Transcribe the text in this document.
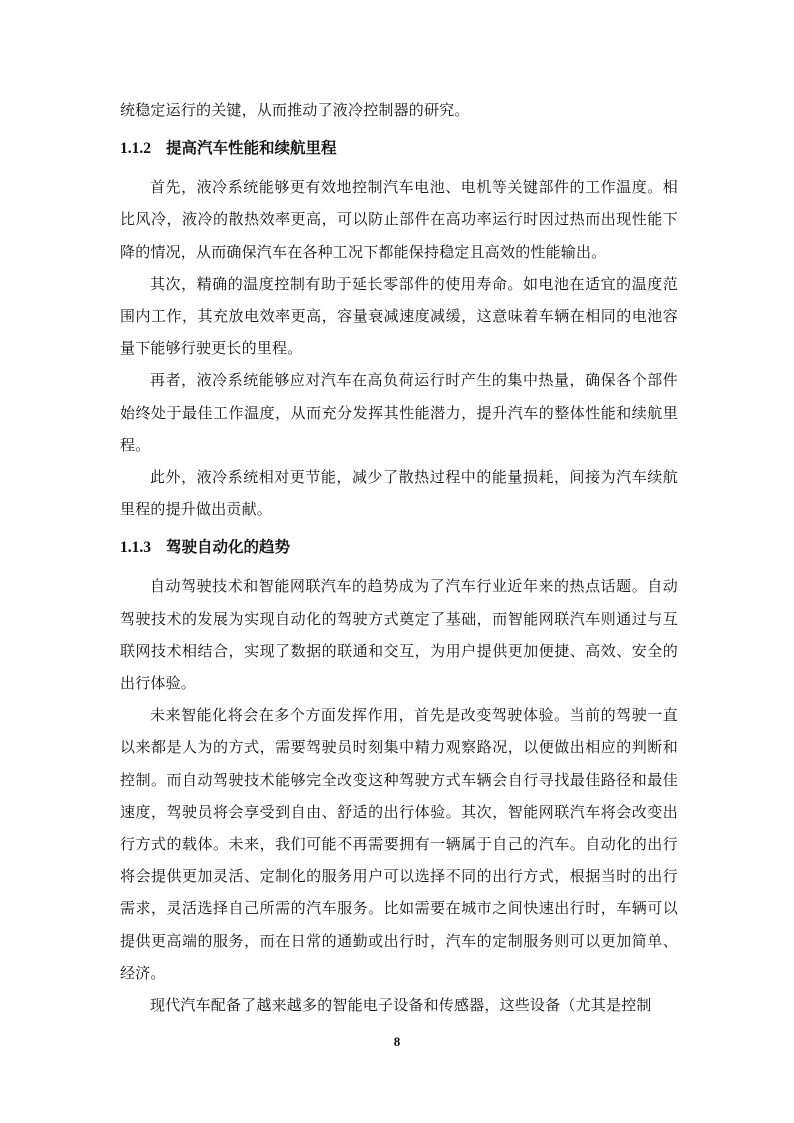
统稳定运行的关键，从而推动了液冷控制器的研究。

1.1.2 提高汽车性能和续航里程

首先，液冷系统能够更有效地控制汽车电池、电机等关键部件的工作温度。相比风冷，液冷的散热效率更高，可以防止部件在高功率运行时因过热而出现性能下降的情况，从而确保汽车在各种工况下都能保持稳定且高效的性能输出。

其次，精确的温度控制有助于延长零部件的使用寿命。如电池在适宜的温度范围内工作，其充放电效率更高，容量衰减速度减缓，这意味着车辆在相同的电池容量下能够行驶更长的里程。

再者，液冷系统能够应对汽车在高负荷运行时产生的集中热量，确保各个部件始终处于最佳工作温度，从而充分发挥其性能潜力，提升汽车的整体性能和续航里程。

此外，液冷系统相对更节能，减少了散热过程中的能量损耗，间接为汽车续航里程的提升做出贡献。

1.1.3 驾驶自动化的趋势

自动驾驶技术和智能网联汽车的趋势成为了汽车行业近年来的热点话题。自动驾驶技术的发展为实现自动化的驾驶方式奠定了基础，而智能网联汽车则通过与互联网技术相结合，实现了数据的联通和交互，为用户提供更加便捷、高效、安全的出行体验。

未来智能化将会在多个方面发挥作用，首先是改变驾驶体验。当前的驾驶一直以来都是人为的方式，需要驾驶员时刻集中精力观察路况，以便做出相应的判断和控制。而自动驾驶技术能够完全改变这种驾驶方式车辆会自行寻找最佳路径和最佳速度，驾驶员将会享受到自由、舒适的出行体验。其次，智能网联汽车将会改变出行方式的载体。未来，我们可能不再需要拥有一辆属于自己的汽车。自动化的出行将会提供更加灵活、定制化的服务用户可以选择不同的出行方式，根据当时的出行需求，灵活选择自己所需的汽车服务。比如需要在城市之间快速出行时，车辆可以提供更高端的服务，而在日常的通勤或出行时，汽车的定制服务则可以更加简单、经济。

现代汽车配备了越来越多的智能电子设备和传感器，这些设备（尤其是控制

8
